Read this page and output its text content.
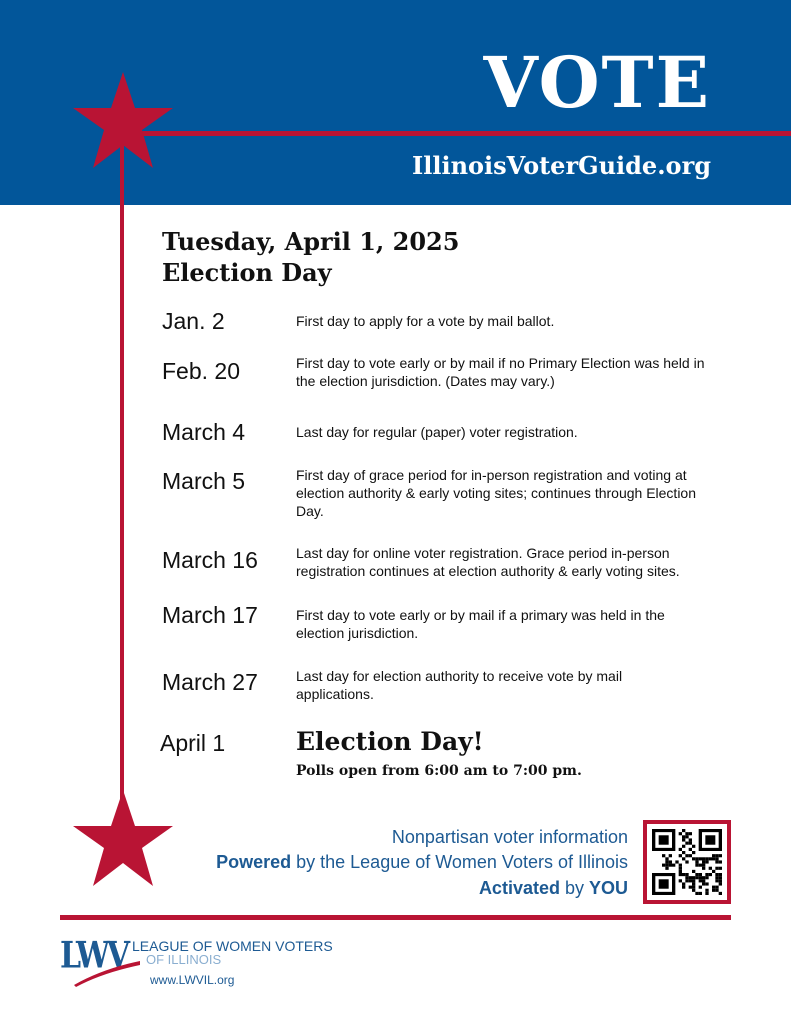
VOTE
IllinoisVoterGuide.org
Tuesday, April 1, 2025
Election Day
Jan. 2	First day to apply for a vote by mail ballot.
Feb. 20	First day to vote early or by mail if no Primary Election was held in the election jurisdiction. (Dates may vary.)
March 4	Last day for regular (paper) voter registration.
March 5	First day of grace period for in-person registration and voting at election authority & early voting sites; continues through Election Day.
March 16	Last day for online voter registration. Grace period in-person registration continues at election authority & early voting sites.
March 17	First day to vote early or by mail if a primary was held in the election jurisdiction.
March 27	Last day for election authority to receive vote by mail applications.
April 1	Election Day!
Polls open from 6:00 am to 7:00 pm.
Nonpartisan voter information
Powered by the League of Women Voters of Illinois
Activated by YOU
LWV LEAGUE OF WOMEN VOTERS
OF ILLINOIS
www.LWVIL.org
